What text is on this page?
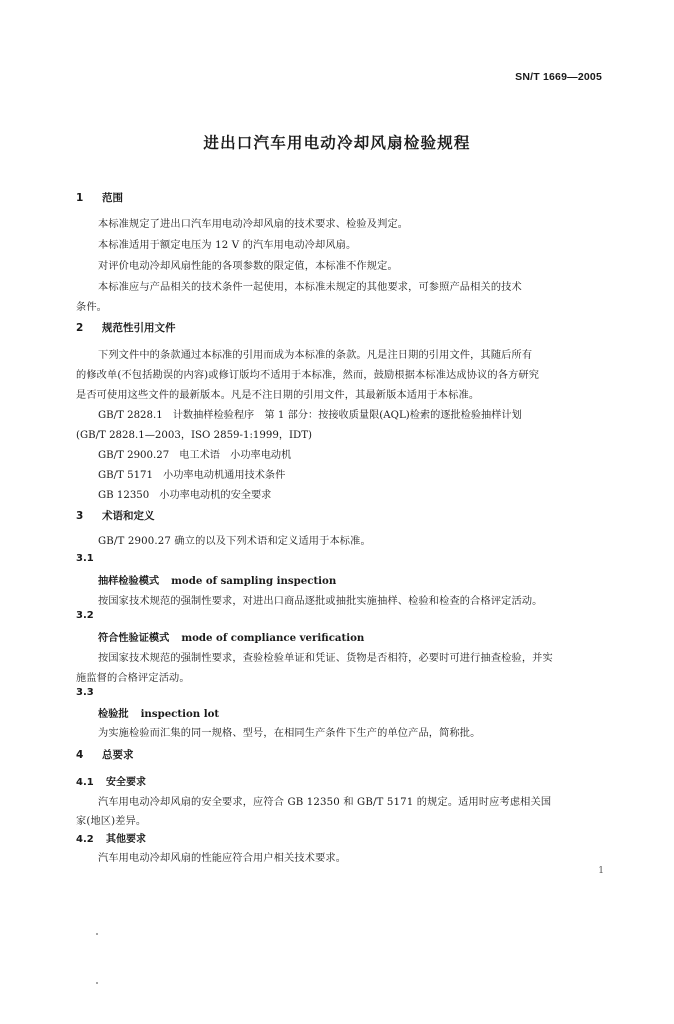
SN/T 1669—2005
进出口汽车用电动冷却风扇检验规程
1 范围
本标准规定了进出口汽车用电动冷却风扇的技术要求、检验及判定。
本标准适用于额定电压为 12 V 的汽车用电动冷却风扇。
对评价电动冷却风扇性能的各项参数的限定值，本标准不作规定。
本标准应与产品相关的技术条件一起使用，本标准未规定的其他要求，可参照产品相关的技术
条件。
2 规范性引用文件
下列文件中的条款通过本标准的引用而成为本标准的条款。凡是注日期的引用文件，其随后所有
的修改单(不包括勘误的内容)或修订版均不适用于本标准，然而，鼓励根据本标准达成协议的各方研究
是否可使用这些文件的最新版本。凡是不注日期的引用文件，其最新版本适用于本标准。
GB/T 2828.1 计数抽样检验程序　第 1 部分：按接收质量限(AQL)检索的逐批检验抽样计划
(GB/T 2828.1—2003，ISO 2859-1:1999，IDT)
GB/T 2900.27 电工术语　小功率电动机
GB/T 5171 小功率电动机通用技术条件
GB 12350 小功率电动机的安全要求
3 术语和定义
GB/T 2900.27 确立的以及下列术语和定义适用于本标准。
3.1
抽样检验模式 mode of sampling inspection
按国家技术规范的强制性要求，对进出口商品逐批或抽批实施抽样、检验和检查的合格评定活动。
3.2
符合性验证模式 mode of compliance verification
按国家技术规范的强制性要求，查验检验单证和凭证、货物是否相符，必要时可进行抽查检验，并实
施监督的合格评定活动。
3.3
检验批 inspection lot
为实施检验而汇集的同一规格、型号，在相同生产条件下生产的单位产品，简称批。
4 总要求
4.1 安全要求
汽车用电动冷却风扇的安全要求，应符合 GB 12350 和 GB/T 5171 的规定。适用时应考虑相关国
家(地区)差异。
4.2 其他要求
汽车用电动冷却风扇的性能应符合用户相关技术要求。
1
